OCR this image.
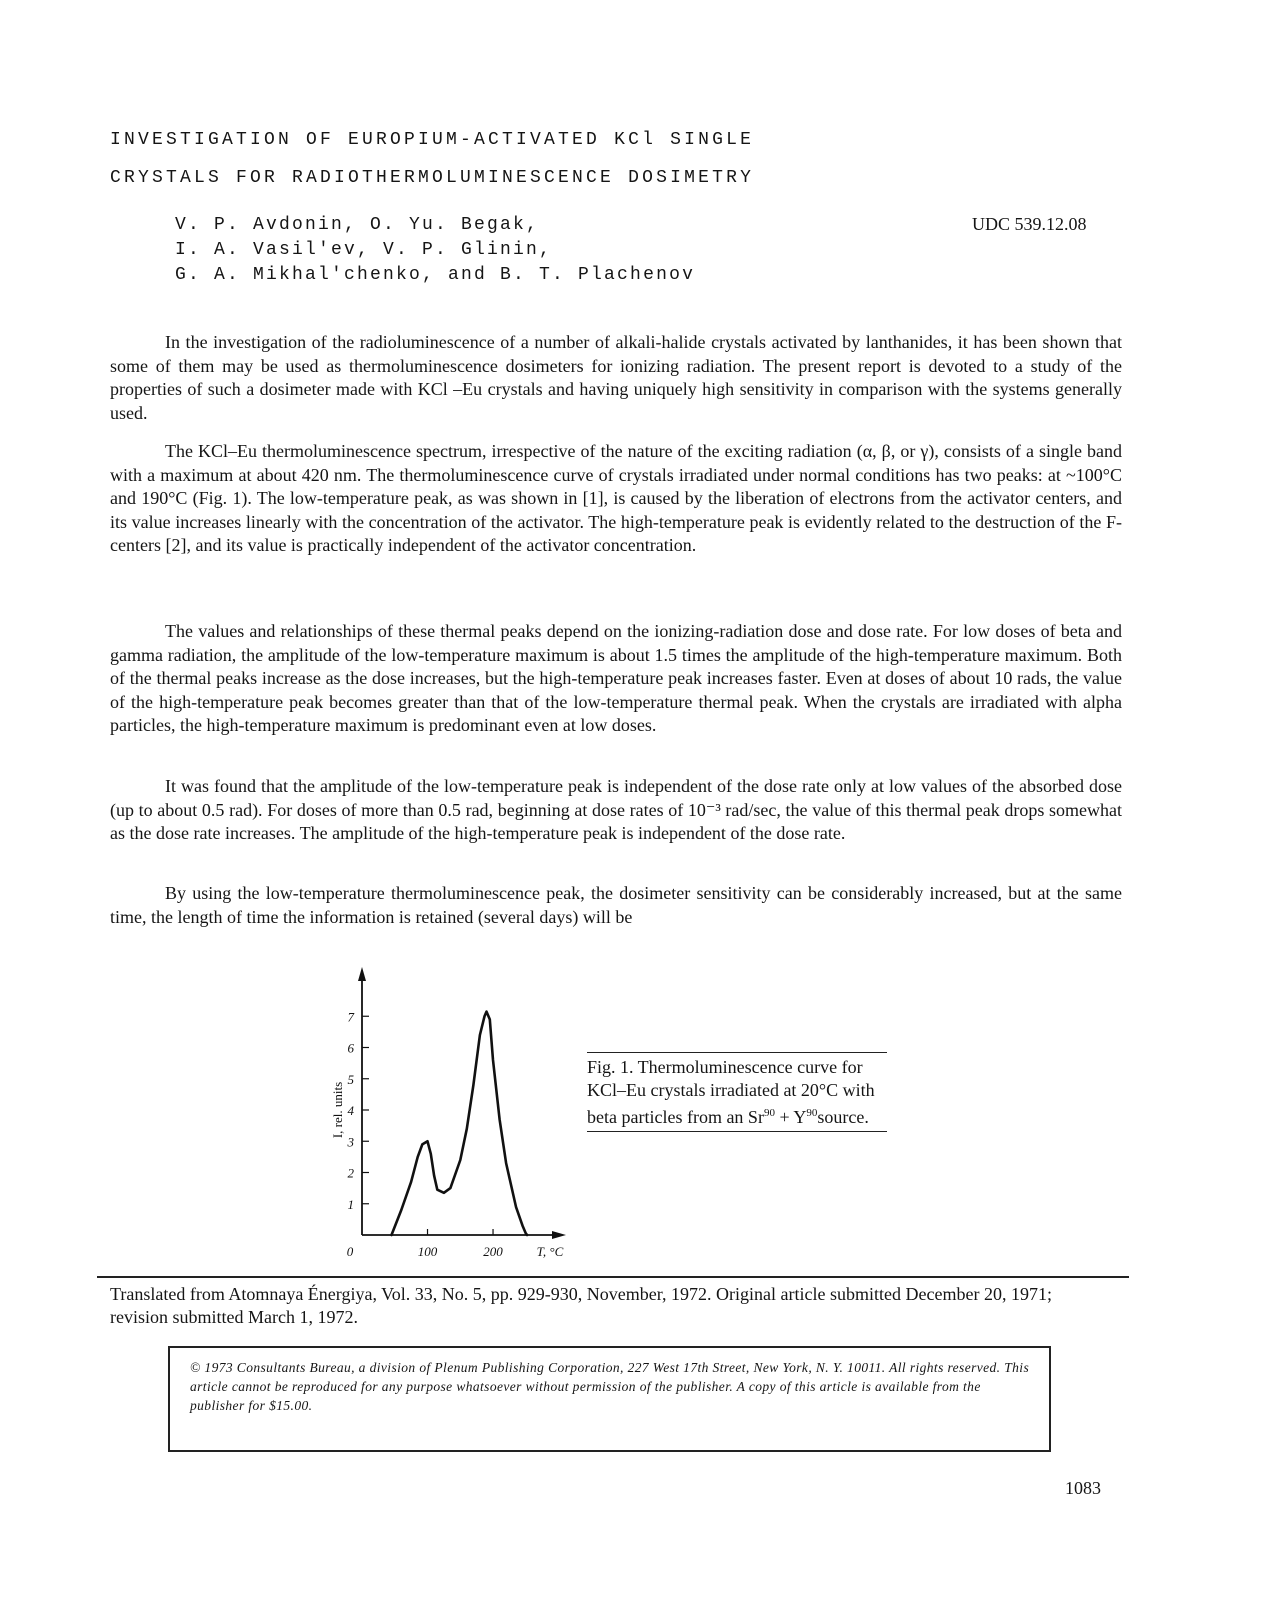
INVESTIGATION OF EUROPIUM-ACTIVATED KCl SINGLE
CRYSTALS FOR RADIOTHERMOLUMINESCENCE DOSIMETRY
V. P. Avdonin, O. Yu. Begak,
I. A. Vasil'ev, V. P. Glinin,
G. A. Mikhal'chenko, and B. T. Plachenov
UDC 539.12.08

In the investigation of the radioluminescence of a number of alkali-halide crystals activated by lanthanides, it has been shown that some of them may be used as thermoluminescence dosimeters for ionizing radiation. The present report is devoted to a study of the properties of such a dosimeter made with KCl –Eu crystals and having uniquely high sensitivity in comparison with the systems generally used.

The KCl–Eu thermoluminescence spectrum, irrespective of the nature of the exciting radiation (α, β, or γ), consists of a single band with a maximum at about 420 nm. The thermoluminescence curve of crystals irradiated under normal conditions has two peaks: at ~100°C and 190°C (Fig. 1). The low-temperature peak, as was shown in [1], is caused by the liberation of electrons from the activator centers, and its value increases linearly with the concentration of the activator. The high-temperature peak is evidently related to the destruction of the F-centers [2], and its value is practically independent of the activator concentration.

The values and relationships of these thermal peaks depend on the ionizing-radiation dose and dose rate. For low doses of beta and gamma radiation, the amplitude of the low-temperature maximum is about 1.5 times the amplitude of the high-temperature maximum. Both of the thermal peaks increase as the dose increases, but the high-temperature peak increases faster. Even at doses of about 10 rads, the value of the high-temperature peak becomes greater than that of the low-temperature thermal peak. When the crystals are irradiated with alpha particles, the high-temperature maximum is predominant even at low doses.

It was found that the amplitude of the low-temperature peak is independent of the dose rate only at low values of the absorbed dose (up to about 0.5 rad). For doses of more than 0.5 rad, beginning at dose rates of 10⁻³ rad/sec, the value of this thermal peak drops somewhat as the dose rate increases. The amplitude of the high-temperature peak is independent of the dose rate.

By using the low-temperature thermoluminescence peak, the dosimeter sensitivity can be considerably increased, but at the same time, the length of time the information is retained (several days) will be

1
2
3
4
5
6
7
100	200
0	T, °C
I, rel. units
Fig. 1. Thermoluminescence curve for KCl–Eu crystals irradiated at 20°C with beta particles from an $Sr^{90}$ + $Y^{90}source$.
Translated from Atomnaya Énergiya, Vol. 33, No. 5, pp. 929-930, November, 1972. Original article submitted December 20, 1971; revision submitted March 1, 1972.
© 1973 Consultants Bureau, a division of Plenum Publishing Corporation, 227 West 17th Street, New York, N. Y. 10011. All rights reserved. This article cannot be reproduced for any purpose whatsoever without permission of the publisher. A copy of this article is available from the publisher for $15.00.
1083
